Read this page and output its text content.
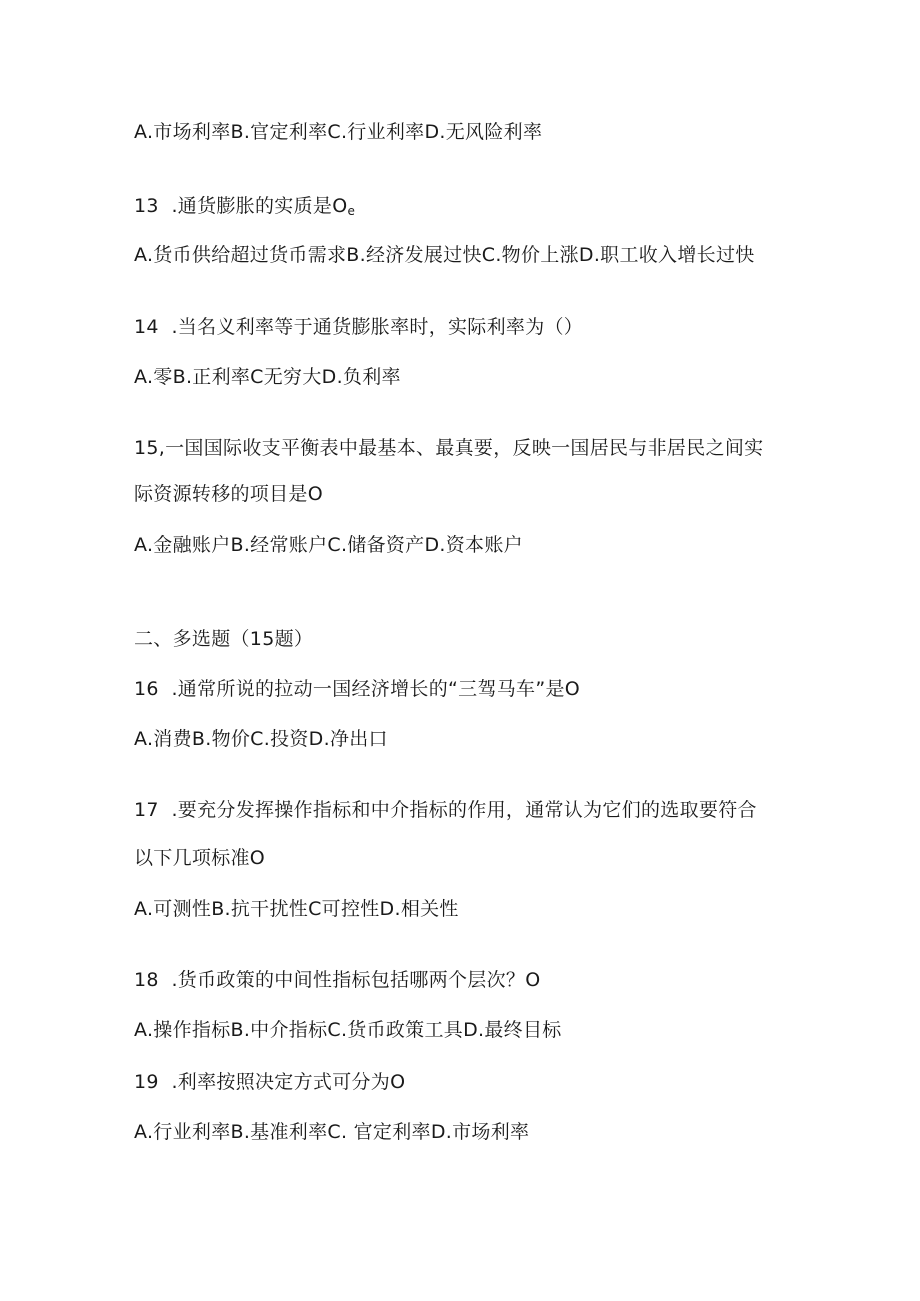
A.市场利率B.官定利率C.行业利率D.无风险利率
13  .通货膨胀的实质是$O_e$
A.货币供给超过货币需求B.经济发展过快C.物价上涨D.职工收入增长过快
14  .当名义利率等于通货膨胀率时，实际利率为（）
A.零B.正利率C无穷大D.负利率
15,一国国际收支平衡表中最基本、最真要，反映一国居民与非居民之间实
际资源转移的项目是O
A.金融账户B.经常账户C.储备资产D.资本账户
二、多选题（15题）
16  .通常所说的拉动一国经济增长的“三驾马车”是O
A.消费B.物价C.投资D.净出口
17  .要充分发挥操作指标和中介指标的作用，通常认为它们的选取要符合
以下几项标准O
A.可测性B.抗干扰性C可控性D.相关性
18  .货币政策的中间性指标包括哪两个层次？O
A.操作指标B.中介指标C.货币政策工具D.最终目标
19  .利率按照决定方式可分为O
A.行业利率B.基准利率C. 官定利率D.市场利率
